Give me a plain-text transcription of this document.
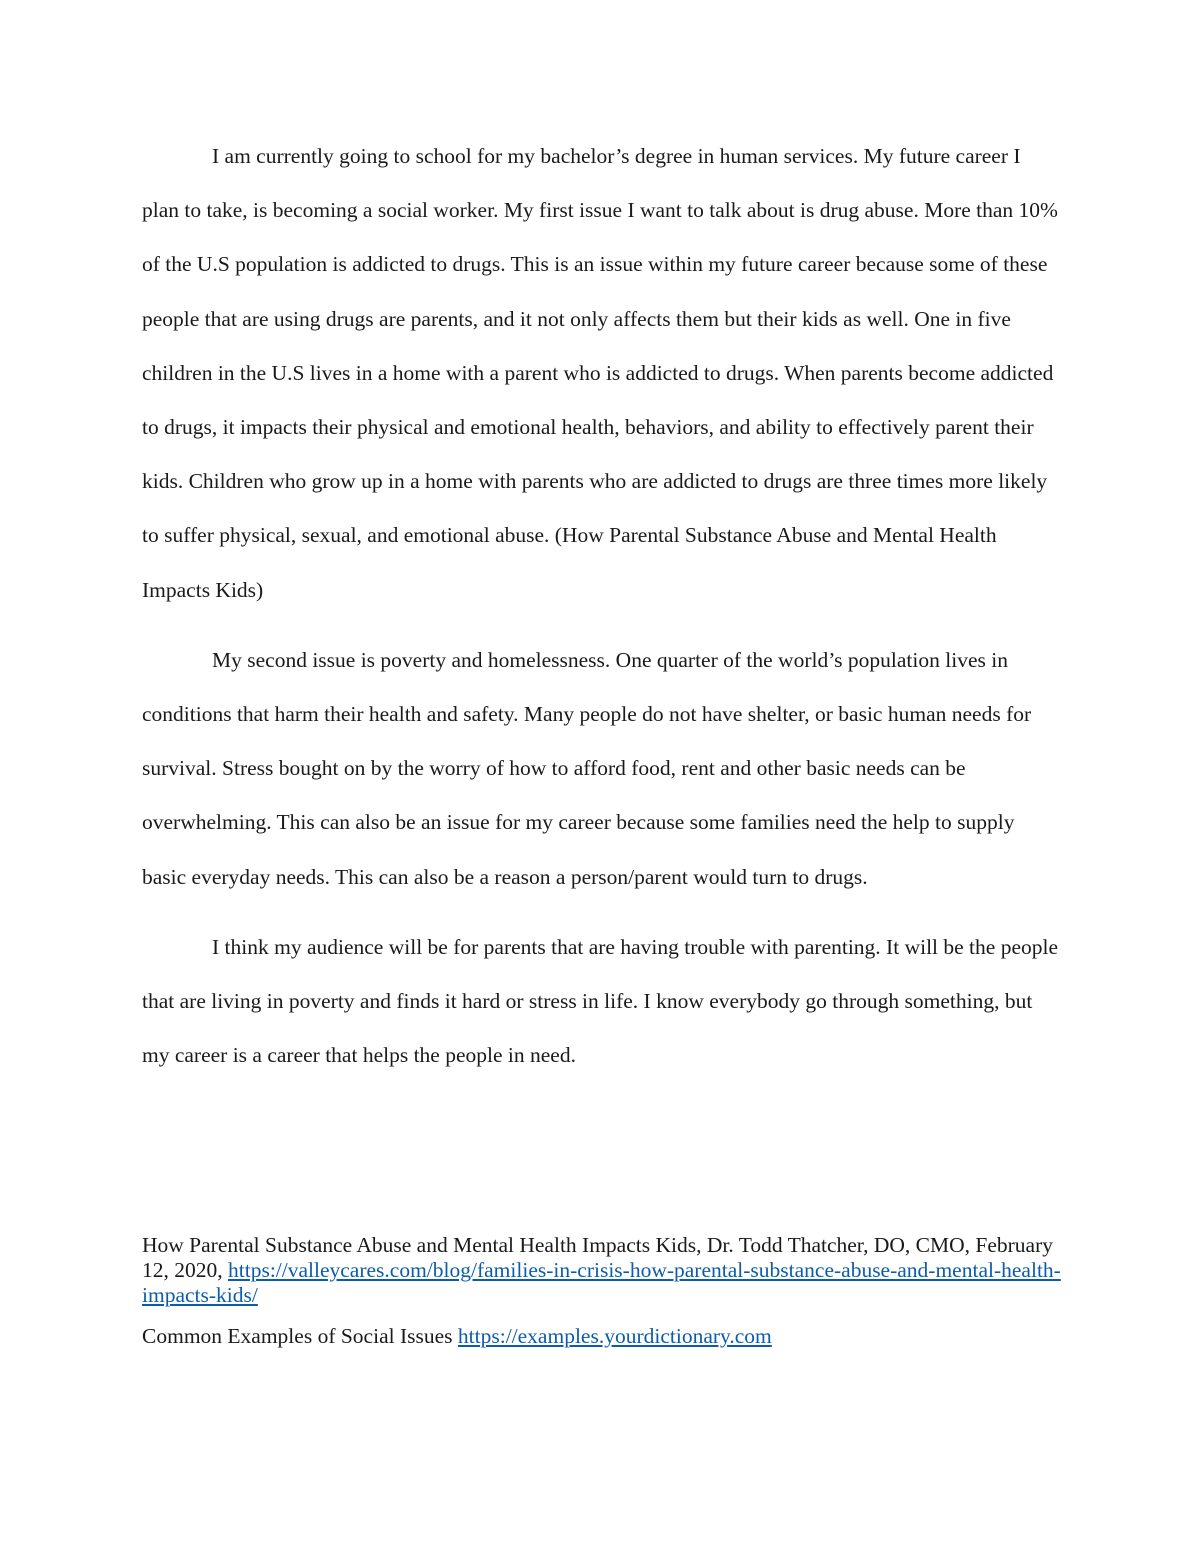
I am currently going to school for my bachelor’s degree in human services. My future career I plan to take, is becoming a social worker. My first issue I want to talk about is drug abuse. More than 10% of the U.S population is addicted to drugs. This is an issue within my future career because some of these people that are using drugs are parents, and it not only affects them but their kids as well. One in five children in the U.S lives in a home with a parent who is addicted to drugs. When parents become addicted to drugs, it impacts their physical and emotional health, behaviors, and ability to effectively parent their kids. Children who grow up in a home with parents who are addicted to drugs are three times more likely to suffer physical, sexual, and emotional abuse. (How Parental Substance Abuse and Mental Health Impacts Kids)

My second issue is poverty and homelessness. One quarter of the world’s population lives in conditions that harm their health and safety. Many people do not have shelter, or basic human needs for survival. Stress bought on by the worry of how to afford food, rent and other basic needs can be overwhelming. This can also be an issue for my career because some families need the help to supply basic everyday needs. This can also be a reason a person/parent would turn to drugs.

I think my audience will be for parents that are having trouble with parenting. It will be the people that are living in poverty and finds it hard or stress in life. I know everybody go through something, but my career is a career that helps the people in need.

How Parental Substance Abuse and Mental Health Impacts Kids, Dr. Todd Thatcher, DO, CMO, February 12, 2020, https://valleycares.com/blog/families-in-crisis-how-parental-substance-abuse-and-mental-health-impacts-kids/

Common Examples of Social Issues https://examples.yourdictionary.com
